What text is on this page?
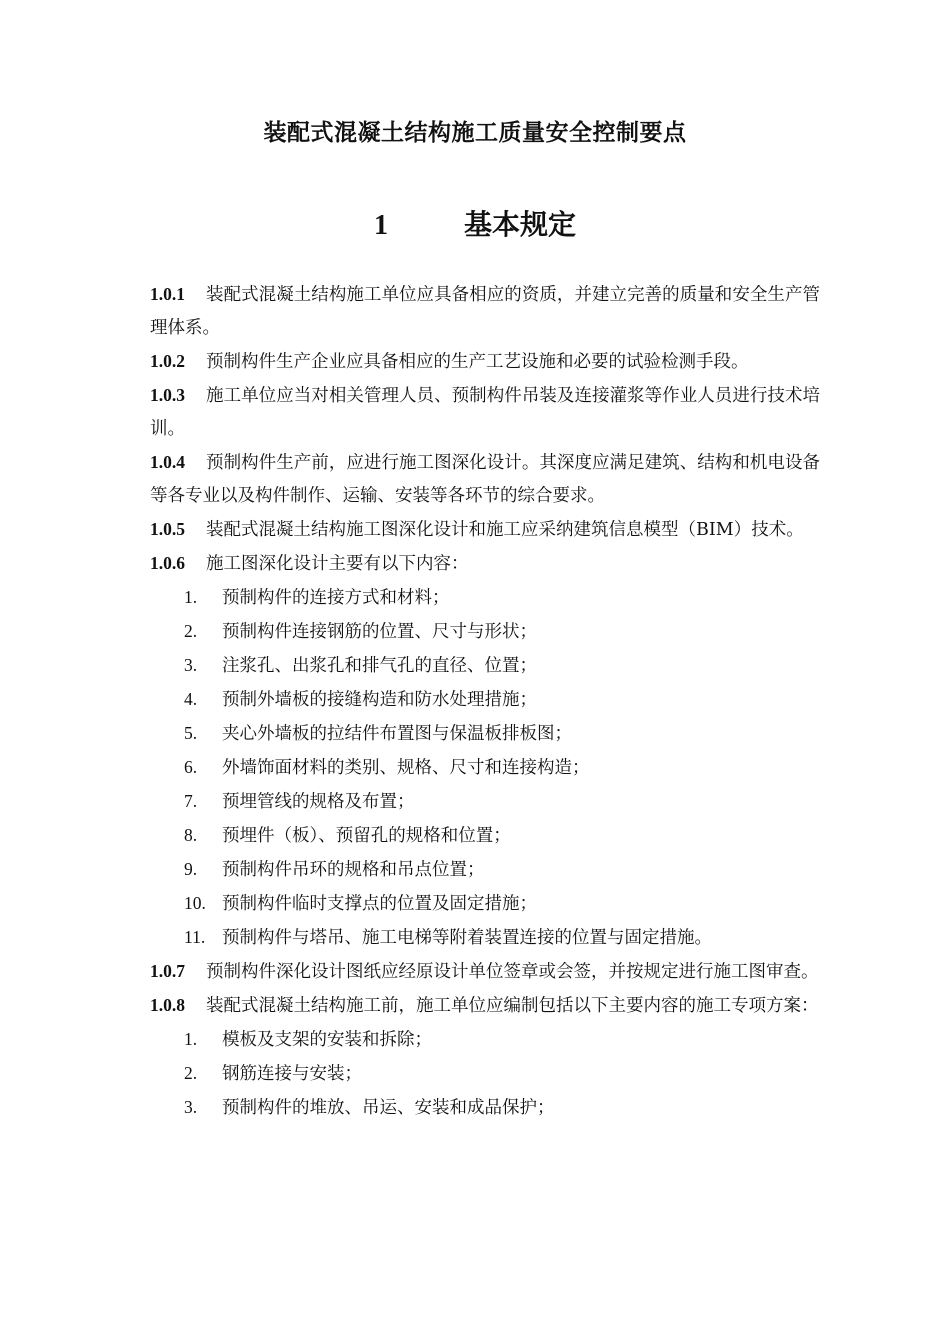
装配式混凝土结构施工质量安全控制要点
1	基本规定

1.0.1 装配式混凝土结构施工单位应具备相应的资质，并建立完善的质量和安全生产管理体系。

1.0.2 预制构件生产企业应具备相应的生产工艺设施和必要的试验检测手段。

1.0.3 施工单位应当对相关管理人员、预制构件吊装及连接灌浆等作业人员进行技术培训。

1.0.4 预制构件生产前，应进行施工图深化设计。其深度应满足建筑、结构和机电设备等各专业以及构件制作、运输、安装等各环节的综合要求。

1.0.5 装配式混凝土结构施工图深化设计和施工应采纳建筑信息模型（BIM）技术。

1.0.6 施工图深化设计主要有以下内容：

1. 预制构件的连接方式和材料；
2. 预制构件连接钢筋的位置、尺寸与形状；
3. 注浆孔、出浆孔和排气孔的直径、位置；
4. 预制外墙板的接缝构造和防水处理措施；
5. 夹心外墙板的拉结件布置图与保温板排板图；
6. 外墙饰面材料的类别、规格、尺寸和连接构造；
7. 预埋管线的规格及布置；
8. 预埋件（板）、预留孔的规格和位置；
9. 预制构件吊环的规格和吊点位置；
10. 预制构件临时支撑点的位置及固定措施；
11. 预制构件与塔吊、施工电梯等附着装置连接的位置与固定措施。

1.0.7 预制构件深化设计图纸应经原设计单位签章或会签，并按规定进行施工图审查。

1.0.8 装配式混凝土结构施工前，施工单位应编制包括以下主要内容的施工专项方案：

1. 模板及支架的安装和拆除；
2. 钢筋连接与安装；
3. 预制构件的堆放、吊运、安装和成品保护；
